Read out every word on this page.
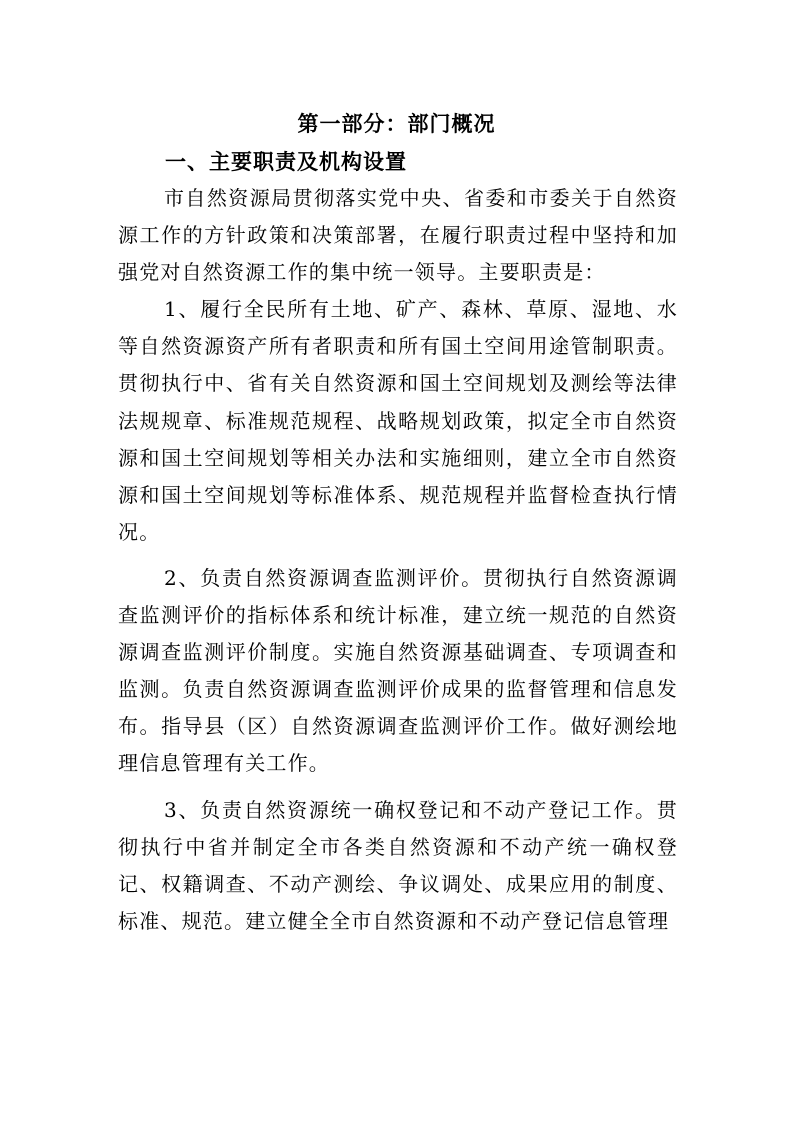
第一部分：部门概况
一、主要职责及机构设置

市自然资源局贯彻落实党中央、省委和市委关于自然资源工作的方针政策和决策部署，在履行职责过程中坚持和加强党对自然资源工作的集中统一领导。主要职责是：

1、履行全民所有土地、矿产、森林、草原、湿地、水等自然资源资产所有者职责和所有国土空间用途管制职责。贯彻执行中、省有关自然资源和国土空间规划及测绘等法律法规规章、标准规范规程、战略规划政策，拟定全市自然资源和国土空间规划等相关办法和实施细则，建立全市自然资源和国土空间规划等标准体系、规范规程并监督检查执行情况。

2、负责自然资源调查监测评价。贯彻执行自然资源调查监测评价的指标体系和统计标准，建立统一规范的自然资源调查监测评价制度。实施自然资源基础调查、专项调查和监测。负责自然资源调查监测评价成果的监督管理和信息发布。指导县（区）自然资源调查监测评价工作。做好测绘地理信息管理有关工作。

3、负责自然资源统一确权登记和不动产登记工作。贯彻执行中省并制定全市各类自然资源和不动产统一确权登记、权籍调查、不动产测绘、争议调处、成果应用的制度、标准、规范。建立健全全市自然资源和不动产登记信息管理
